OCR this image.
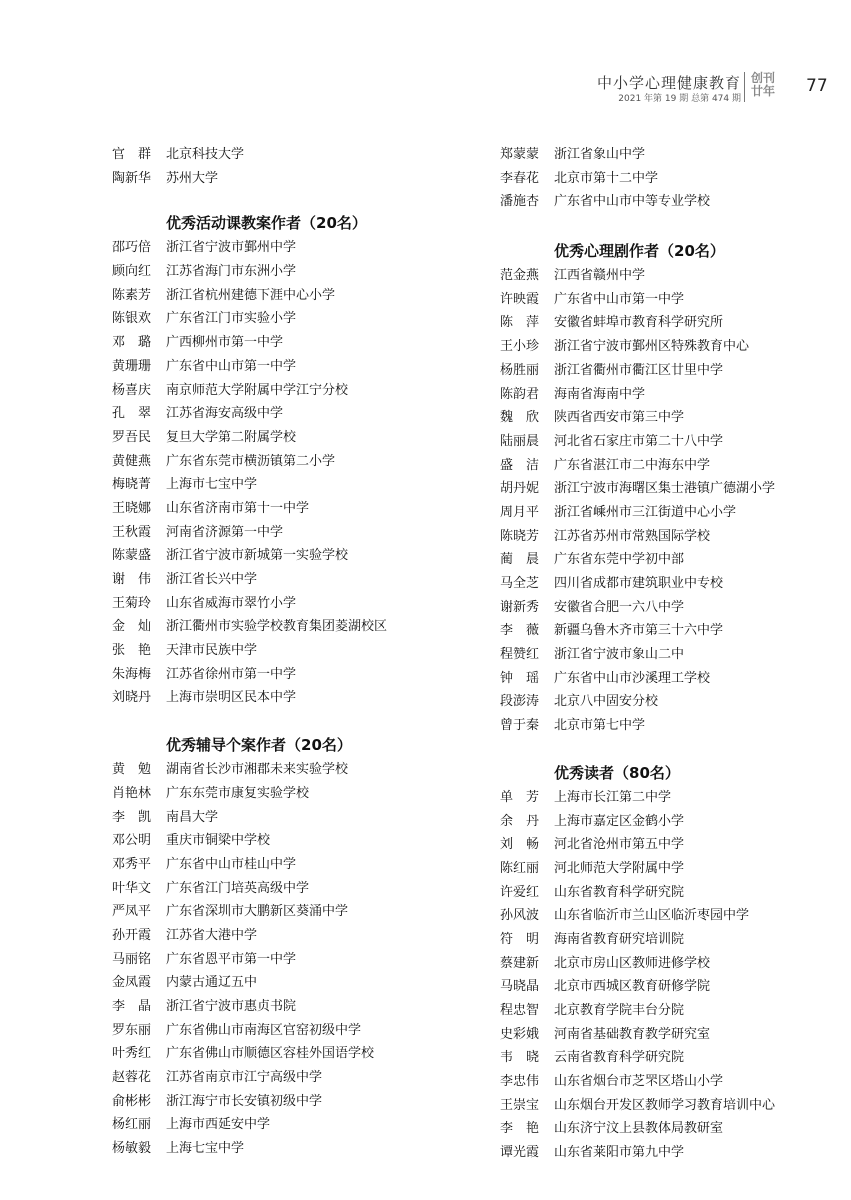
中小学心理健康教育
2021 年第 19 期 总第 474 期
创刊
廿年 77
官　群	北京科技大学
陶新华	苏州大学
优秀活动课教案作者（20名）
邵巧倍	浙江省宁波市鄞州中学
顾向红	江苏省海门市东洲小学
陈素芳	浙江省杭州建德下涯中心小学
陈银欢	广东省江门市实验小学
邓　璐	广西柳州市第一中学
黄珊珊	广东省中山市第一中学
杨喜庆	南京师范大学附属中学江宁分校
孔　翠	江苏省海安高级中学
罗吾民	复旦大学第二附属学校
黄健燕	广东省东莞市横沥镇第二小学
梅晓菁	上海市七宝中学
王晓娜	山东省济南市第十一中学
王秋霞	河南省济源第一中学
陈蒙盛	浙江省宁波市新城第一实验学校
谢　伟	浙江省长兴中学
王菊玲	山东省威海市翠竹小学
金　灿	浙江衢州市实验学校教育集团菱湖校区
张　艳	天津市民族中学
朱海梅	江苏省徐州市第一中学
刘晓丹	上海市崇明区民本中学
优秀辅导个案作者（20名）
黄　勉	湖南省长沙市湘郡未来实验学校
肖艳林	广东东莞市康复实验学校
李　凯	南昌大学
邓公明	重庆市铜梁中学校
邓秀平	广东省中山市桂山中学
叶华文	广东省江门培英高级中学
严凤平	广东省深圳市大鹏新区葵涌中学
孙开霞	江苏省大港中学
马丽铭	广东省恩平市第一中学
金凤霞	内蒙古通辽五中
李　晶	浙江省宁波市惠贞书院
罗东丽	广东省佛山市南海区官窑初级中学
叶秀红	广东省佛山市顺德区容桂外国语学校
赵蓉花	江苏省南京市江宁高级中学
俞彬彬	浙江海宁市长安镇初级中学
杨红丽	上海市西延安中学
杨敏毅	上海七宝中学
郑蒙蒙	浙江省象山中学
李春花	北京市第十二中学
潘施杏	广东省中山市中等专业学校
优秀心理剧作者（20名）
范金燕	江西省赣州中学
许映霞	广东省中山市第一中学
陈　萍	安徽省蚌埠市教育科学研究所
王小珍	浙江省宁波市鄞州区特殊教育中心
杨胜丽	浙江省衢州市衢江区廿里中学
陈韵君	海南省海南中学
魏　欣	陕西省西安市第三中学
陆丽晨	河北省石家庄市第二十八中学
盛　洁	广东省湛江市二中海东中学
胡丹妮	浙江宁波市海曙区集士港镇广德湖小学
周月平	浙江省嵊州市三江街道中心小学
陈晓芳	江苏省苏州市常熟国际学校
蔺　晨	广东省东莞中学初中部
马全芝	四川省成都市建筑职业中专校
谢新秀	安徽省合肥一六八中学
李　薇	新疆乌鲁木齐市第三十六中学
程赞红	浙江省宁波市象山二中
钟　瑶	广东省中山市沙溪理工学校
段澎涛	北京八中固安分校
曾于秦	北京市第七中学
优秀读者（80名）
单　芳	上海市长江第二中学
余　丹	上海市嘉定区金鹤小学
刘　畅	河北省沧州市第五中学
陈红丽	河北师范大学附属中学
许爱红	山东省教育科学研究院
孙风波	山东省临沂市兰山区临沂枣园中学
符　明	海南省教育研究培训院
蔡建新	北京市房山区教师进修学校
马晓晶	北京市西城区教育研修学院
程忠智	北京教育学院丰台分院
史彩娥	河南省基础教育教学研究室
韦　晓	云南省教育科学研究院
李忠伟	山东省烟台市芝罘区塔山小学
王崇宝	山东烟台开发区教师学习教育培训中心
李　艳	山东济宁汶上县教体局教研室
谭光霞	山东省莱阳市第九中学
